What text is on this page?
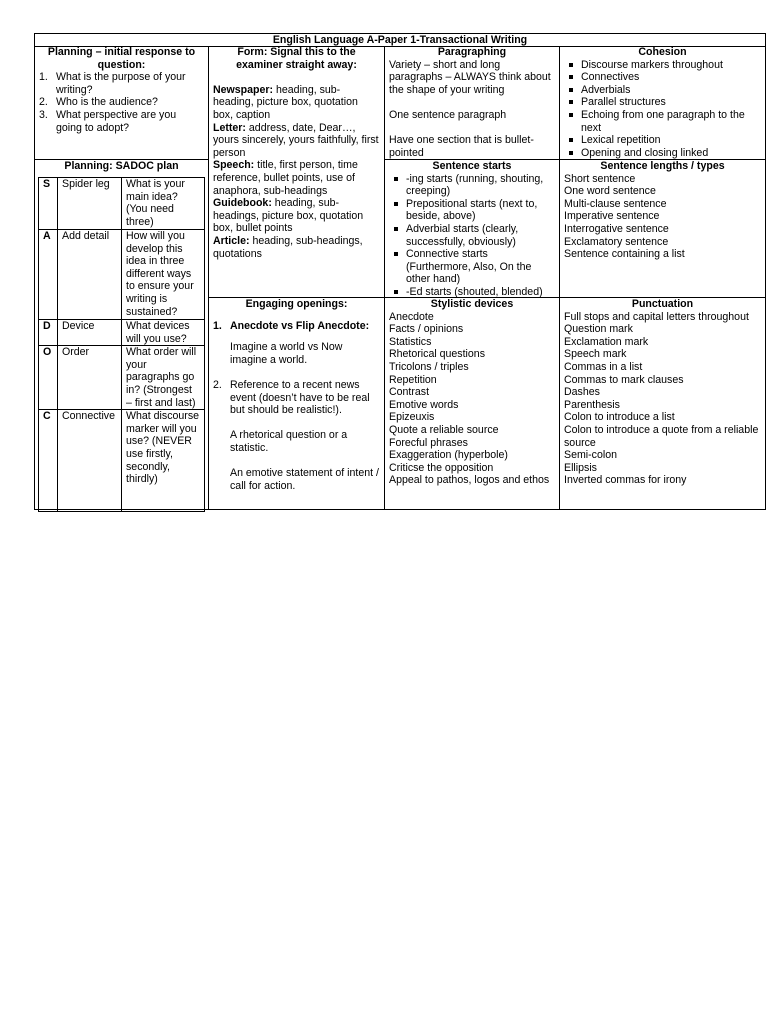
English Language A-Paper 1-Transactional Writing
Planning – initial response to question:
1. What is the purpose of your writing?
2. Who is the audience?
3. What perspective are you going to adopt?
Form: Signal this to the examiner straight away:
Newspaper: heading, sub-heading, picture box, quotation box, caption
Letter: address, date, Dear…, yours sincerely, yours faithfully, first person
Speech: title, first person, time reference, bullet points, use of anaphora, sub-headings
Guidebook: heading, sub-headings, picture box, quotation box, bullet points
Article: heading, sub-headings, quotations
Paragraphing
Variety – short and long paragraphs – ALWAYS think about the shape of your writing
One sentence paragraph
Have one section that is bullet-pointed
Cohesion
Discourse markers throughout
Connectives
Adverbials
Parallel structures
Echoing from one paragraph to the next
Lexical repetition
Opening and closing linked
Planning: SADOC plan
S	Spider leg	What is your main idea? (You need three)
A	Add detail	How will you develop this idea in three different ways to ensure your writing is sustained?
D	Device	What devices will you use?
O	Order	What order will your paragraphs go in? (Strongest – first and last)
C	Connective	What discourse marker will you use? (NEVER use firstly, secondly, thirdly)
Sentence starts
-ing starts (running, shouting, creeping)
Prepositional starts (next to, beside, above)
Adverbial starts (clearly, successfully, obviously)
Connective starts (Furthermore, Also, On the other hand)
-Ed starts (shouted, blended)
Sentence lengths / types
Short sentence
One word sentence
Multi-clause sentence
Imperative sentence
Interrogative sentence
Exclamatory sentence
Sentence containing a list
Engaging openings:
1. Anecdote vs Flip Anecdote:
Imagine a world vs Now imagine a world.
2. Reference to a recent news event (doesn’t have to be real but should be realistic!).
A rhetorical question or a statistic.
An emotive statement of intent / call for action.
Stylistic devices
Anecdote
Facts / opinions
Statistics
Rhetorical questions
Tricolons / triples
Repetition
Contrast
Emotive words
Epizeuxis
Quote a reliable source
Forecful phrases
Exaggeration (hyperbole)
Criticse the opposition
Appeal to pathos, logos and ethos
Punctuation
Full stops and capital letters throughout
Question mark
Exclamation mark
Speech mark
Commas in a list
Commas to mark clauses
Dashes
Parenthesis
Colon to introduce a list
Colon to introduce a quote from a reliable source
Semi-colon
Ellipsis
Inverted commas for irony
